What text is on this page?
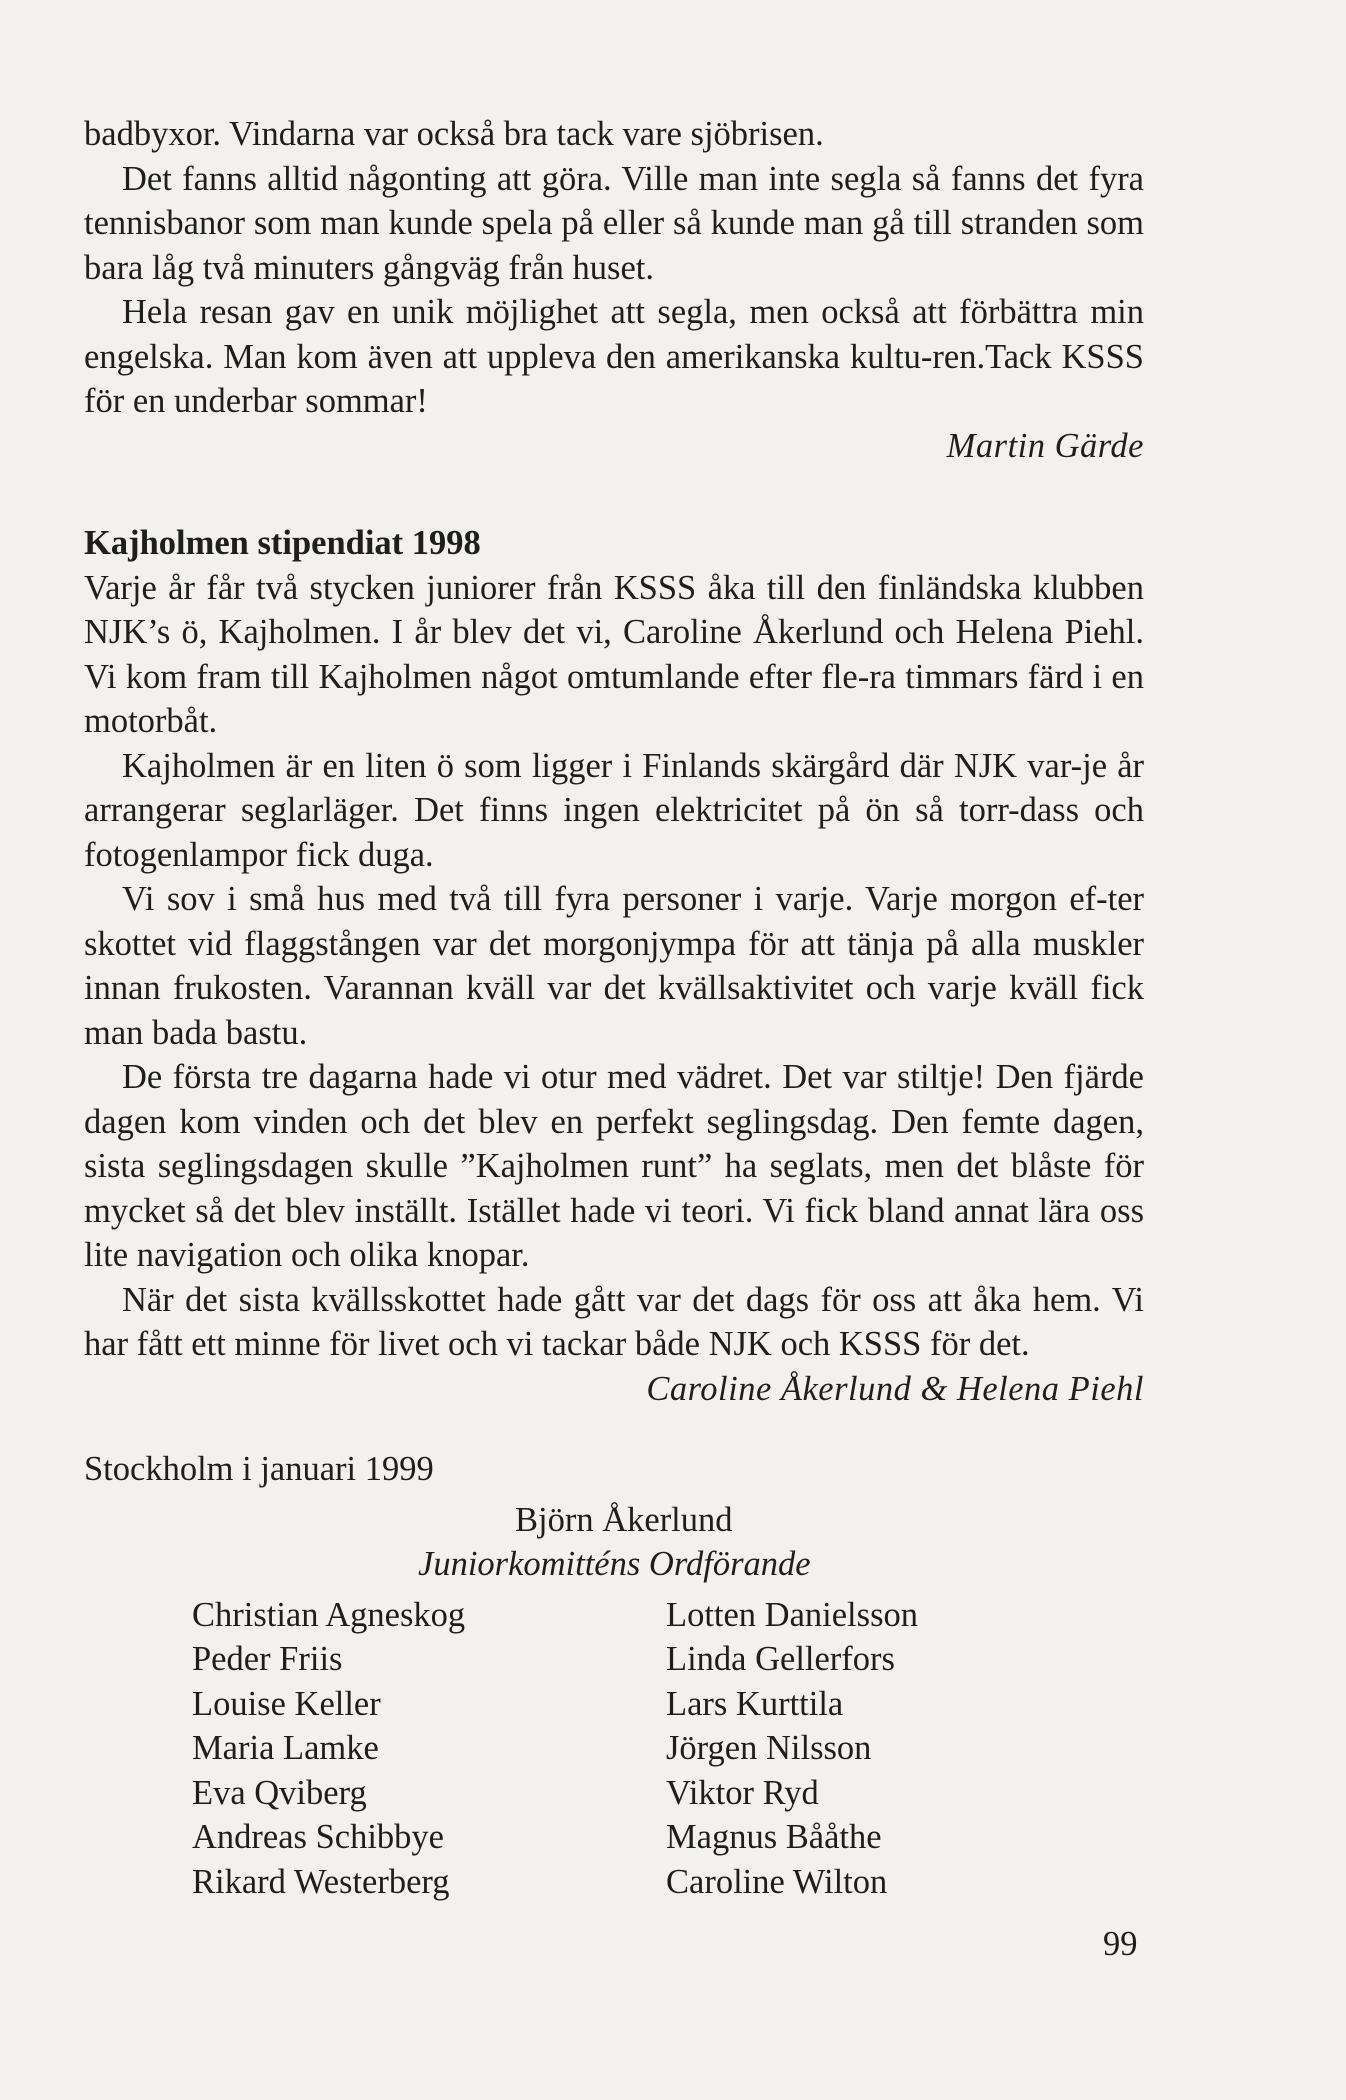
badbyxor. Vindarna var också bra tack vare sjöbrisen.

Det fanns alltid någonting att göra. Ville man inte segla så fanns det fyra tennisbanor som man kunde spela på eller så kunde man gå till stranden som bara låg två minuters gångväg från huset.

Hela resan gav en unik möjlighet att segla, men också att förbättra min engelska. Man kom även att uppleva den amerikanska kultu-ren.Tack KSSS för en underbar sommar!

Martin Gärde

Kajholmen stipendiat 1998

Varje år får två stycken juniorer från KSSS åka till den finländska klubben NJK’s ö, Kajholmen. I år blev det vi, Caroline Åkerlund och Helena Piehl. Vi kom fram till Kajholmen något omtumlande efter fle-ra timmars färd i en motorbåt.

Kajholmen är en liten ö som ligger i Finlands skärgård där NJK var-je år arrangerar seglarläger. Det finns ingen elektricitet på ön så torr-dass och fotogenlampor fick duga.

Vi sov i små hus med två till fyra personer i varje. Varje morgon ef-ter skottet vid flaggstången var det morgonjympa för att tänja på alla muskler innan frukosten. Varannan kväll var det kvällsaktivitet och varje kväll fick man bada bastu.

De första tre dagarna hade vi otur med vädret. Det var stiltje! Den fjärde dagen kom vinden och det blev en perfekt seglingsdag. Den femte dagen, sista seglingsdagen skulle ”Kajholmen runt” ha seglats, men det blåste för mycket så det blev inställt. Istället hade vi teori. Vi fick bland annat lära oss lite navigation och olika knopar.

När det sista kvällsskottet hade gått var det dags för oss att åka hem. Vi har fått ett minne för livet och vi tackar både NJK och KSSS för det.

Caroline Åkerlund & Helena Piehl

Stockholm i januari 1999

Björn Åkerlund

Juniorkomitténs Ordförande

Christian Agneskog
Peder Friis
Louise Keller
Maria Lamke
Eva Qviberg
Andreas Schibbye
Rikard Westerberg
Lotten Danielsson
Linda Gellerfors
Lars Kurttila
Jörgen Nilsson
Viktor Ryd
Magnus Bååthe
Caroline Wilton
99
